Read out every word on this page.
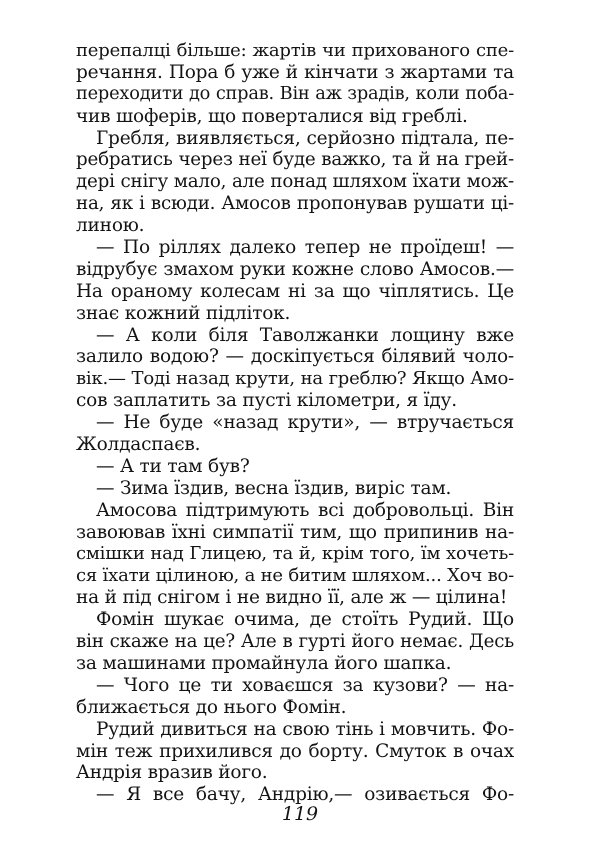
перепалці більше: жартів чи прихованого спе-
речання. Пора б уже й кінчати з жартами та
переходити до справ. Він аж зрадів, коли поба-
чив шоферів, що поверталися від греблі.
Гребля, виявляється, серйозно підтала, пе-
ребратись через неї буде важко, та й на грей-
дері снігу мало, але понад шляхом їхати мож-
на, як і всюди. Амосов пропонував рушати ці-
линою.
— По ріллях далеко тепер не проїдеш! —
відрубує змахом руки кожне слово Амосов.—
На ораному колесам ні за що чіплятись. Це
знає кожний підліток.
— А коли біля Таволжанки лощину вже
залило водою? — доскіпується білявий чоло-
вік.— Тоді назад крути, на греблю? Якщо Амо-
сов заплатить за пусті кілометри, я їду.
— Не буде «назад крути», — втручається
Жолдаспаєв.
— А ти там був?
— Зима їздив, весна їздив, виріс там.
Амосова підтримують всі добровольці. Він
завоював їхні симпатії тим, що припинив на-
смішки над Глицею, та й, крім того, їм хочеть-
ся їхати цілиною, а не битим шляхом... Хоч во-
на й під снігом і не видно її, але ж — цілина!
Фомін шукає очима, де стоїть Рудий. Що
він скаже на це? Але в гурті його немає. Десь
за машинами промайнула його шапка.
— Чого це ти ховаєшся за кузови? — на-
ближається до нього Фомін.
Рудий дивиться на свою тінь і мовчить. Фо-
мін теж прихилився до борту. Смуток в очах
Андрія вразив його.
— Я все бачу, Андрію,— озивається Фо-
119
